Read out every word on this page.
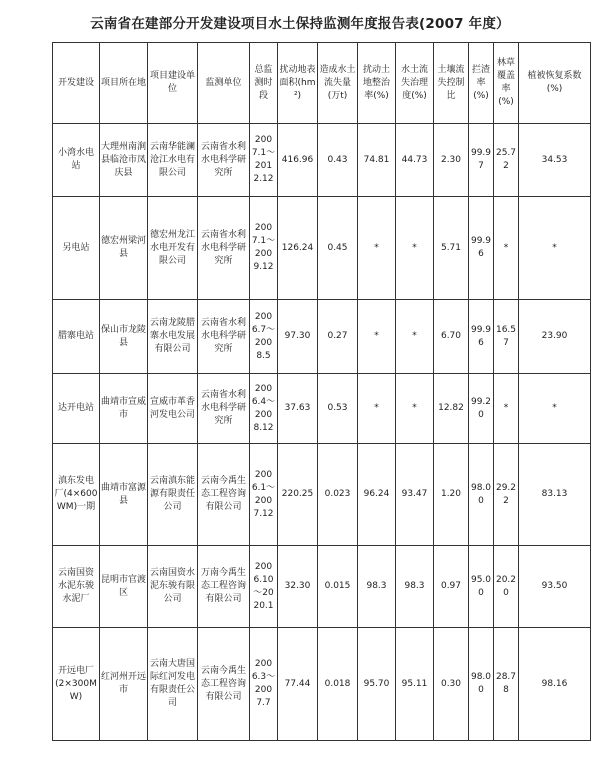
云南省在建部分开发建设项目水土保持监测年度报告表(2007 年度）
开发建设	项目所在地	项目建设单位	监测单位	总监测时段	扰动地表面积(hm²)	造成水土流失量(万t)	扰动土地整治率(%)	水土流失治理度(%)	土壤流失控制比	拦渣率(%)	林草覆盖率(%)	植被恢复系数(%)
小湾水电站	大理州南涧县临沧市凤庆县	云南华能澜沧江水电有限公司	云南省水利水电科学研究所	2007.1～2012.12	416.96	0.43	74.81	44.73	2.30	99.97	25.72	34.53
另电站	德宏州梁河县	德宏州龙江水电开发有限公司	云南省水利水电科学研究所	2007.1～2009.12	126.24	0.45	*	*	5.71	99.96	*	*
腊寨电站	保山市龙陵县	云南龙陵腊寨水电发展有限公司	云南省水利水电科学研究所	2006.7～2008.5	97.30	0.27	*	*	6.70	99.96	16.57	23.90
达开电站	曲靖市宣威市	宣威市革香河发电公司	云南省水利水电科学研究所	2006.4～2008.12	37.63	0.53	*	*	12.82	99.20	*	*
滇东发电厂(4×600WM)一期	曲靖市富源县	云南滇东能源有限责任公司	云南今禹生态工程咨询有限公司	2006.1～2007.12	220.25	0.023	96.24	93.47	1.20	98.00	29.22	83.13
云南国资水泥东骏水泥厂	昆明市官渡区	云南国资水泥东骏有限公司	万南今禹生态工程咨询有限公司	2006.10～2020.1	32.30	0.015	98.3	98.3	0.97	95.00	20.20	93.50
开远电厂(2×300MW)	红河州开远市	云南大唐国际红河发电有限责任公司	云南今禹生态工程咨询有限公司	2006.3～2007.7	77.44	0.018	95.70	95.11	0.30	98.00	28.78	98.16
